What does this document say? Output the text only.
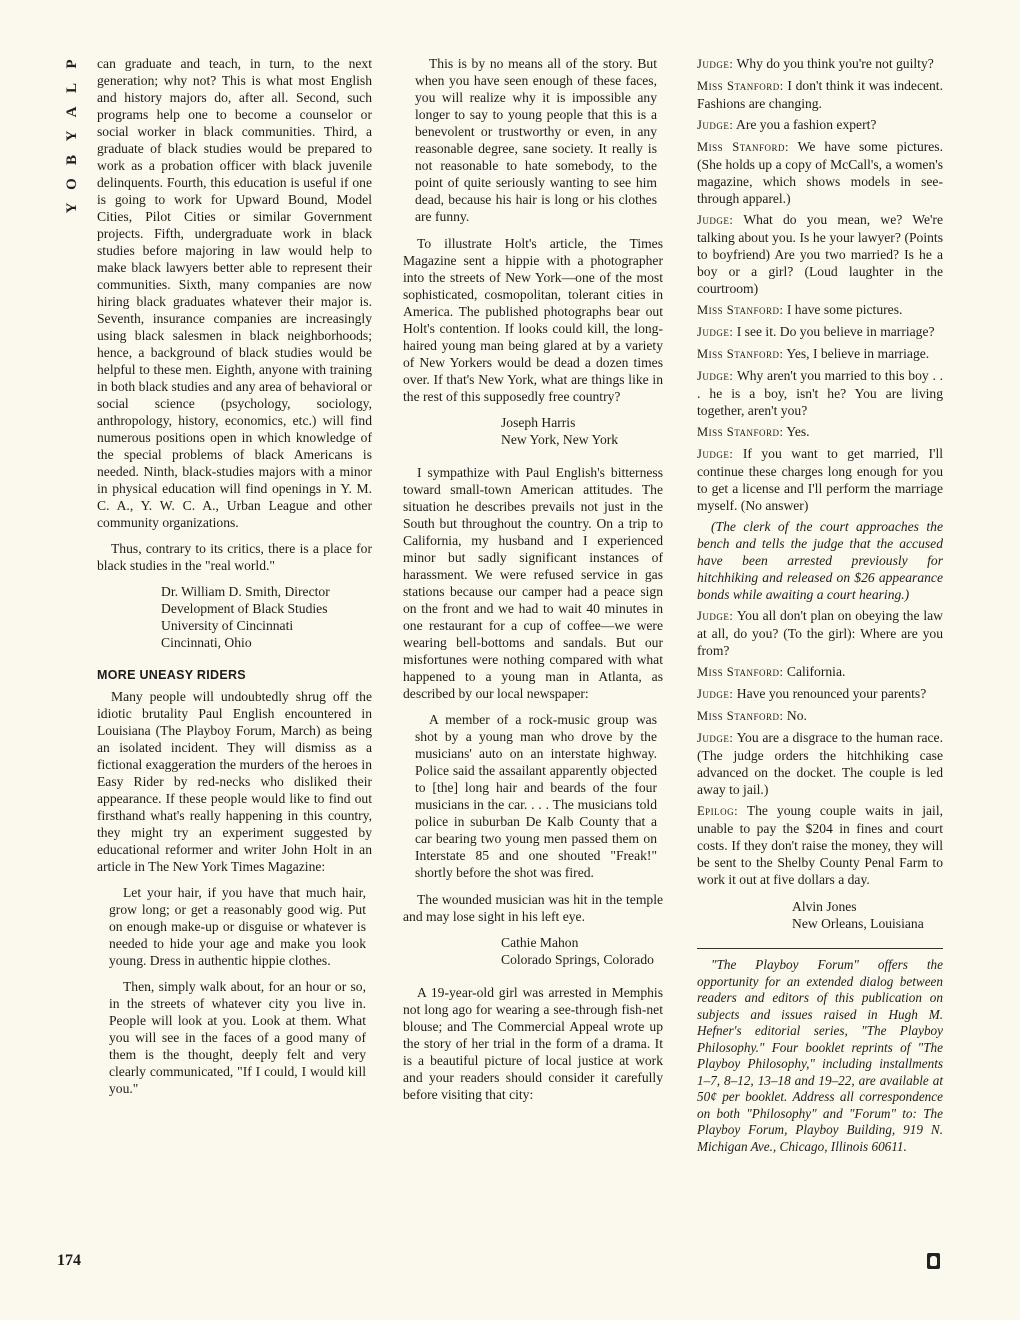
P
L
A
Y
B
O
Y

can graduate and teach, in turn, to the next generation; why not? This is what most English and history majors do, after all. Second, such programs help one to become a counselor or social worker in black communities. Third, a graduate of black studies would be prepared to work as a probation officer with black juvenile delinquents. Fourth, this education is useful if one is going to work for Upward Bound, Model Cities, Pilot Cities or similar Government projects. Fifth, undergraduate work in black studies before majoring in law would help to make black lawyers better able to represent their communities. Sixth, many companies are now hiring black graduates whatever their major is. Seventh, insurance companies are increasingly using black salesmen in black neighborhoods; hence, a background of black studies would be helpful to these men. Eighth, anyone with training in both black studies and any area of behavioral or social science (psychology, sociology, anthropology, history, economics, etc.) will find numerous positions open in which knowledge of the special problems of black Americans is needed. Ninth, black-studies majors with a minor in physical education will find openings in Y. M. C. A., Y. W. C. A., Urban League and other community organizations.

Thus, contrary to its critics, there is a place for black studies in the "real world."

Dr. William D. Smith, Director
Development of Black Studies
University of Cincinnati
Cincinnati, Ohio
MORE UNEASY RIDERS

Many people will undoubtedly shrug off the idiotic brutality Paul English encountered in Louisiana (The Playboy Forum, March) as being an isolated incident. They will dismiss as a fictional exaggeration the murders of the heroes in Easy Rider by red-necks who disliked their appearance. If these people would like to find out firsthand what's really happening in this country, they might try an experiment suggested by educational reformer and writer John Holt in an article in The New York Times Magazine:

Let your hair, if you have that much hair, grow long; or get a reasonably good wig. Put on enough make-up or disguise or whatever is needed to hide your age and make you look young. Dress in authentic hippie clothes.

Then, simply walk about, for an hour or so, in the streets of whatever city you live in. People will look at you. Look at them. What you will see in the faces of a good many of them is the thought, deeply felt and very clearly communicated, "If I could, I would kill you."

This is by no means all of the story. But when you have seen enough of these faces, you will realize why it is impossible any longer to say to young people that this is a benevolent or trustworthy or even, in any reasonable degree, sane society. It really is not reasonable to hate somebody, to the point of quite seriously wanting to see him dead, because his hair is long or his clothes are funny.

To illustrate Holt's article, the Times Magazine sent a hippie with a photographer into the streets of New York—one of the most sophisticated, cosmopolitan, tolerant cities in America. The published photographs bear out Holt's contention. If looks could kill, the long-haired young man being glared at by a variety of New Yorkers would be dead a dozen times over. If that's New York, what are things like in the rest of this supposedly free country?

Joseph Harris
New York, New York

I sympathize with Paul English's bitterness toward small-town American attitudes. The situation he describes prevails not just in the South but throughout the country. On a trip to California, my husband and I experienced minor but sadly significant instances of harassment. We were refused service in gas stations because our camper had a peace sign on the front and we had to wait 40 minutes in one restaurant for a cup of coffee—we were wearing bell-bottoms and sandals. But our misfortunes were nothing compared with what happened to a young man in Atlanta, as described by our local newspaper:

A member of a rock-music group was shot by a young man who drove by the musicians' auto on an interstate highway. Police said the assailant apparently objected to [the] long hair and beards of the four musicians in the car. . . . The musicians told police in suburban De Kalb County that a car bearing two young men passed them on Interstate 85 and one shouted "Freak!" shortly before the shot was fired.

The wounded musician was hit in the temple and may lose sight in his left eye.

Cathie Mahon
Colorado Springs, Colorado

A 19-year-old girl was arrested in Memphis not long ago for wearing a see-through fish-net blouse; and The Commercial Appeal wrote up the story of her trial in the form of a drama. It is a beautiful picture of local justice at work and your readers should consider it carefully before visiting that city:

Judge: Why do you think you're not guilty?

Miss Stanford: I don't think it was indecent. Fashions are changing.

Judge: Are you a fashion expert?

Miss Stanford: We have some pictures. (She holds up a copy of McCall's, a women's magazine, which shows models in see-through apparel.)

Judge: What do you mean, we? We're talking about you. Is he your lawyer? (Points to boyfriend) Are you two married? Is he a boy or a girl? (Loud laughter in the courtroom)

Miss Stanford: I have some pictures.

Judge: I see it. Do you believe in marriage?

Miss Stanford: Yes, I believe in marriage.

Judge: Why aren't you married to this boy . . . he is a boy, isn't he? You are living together, aren't you?

Miss Stanford: Yes.

Judge: If you want to get married, I'll continue these charges long enough for you to get a license and I'll perform the marriage myself. (No answer)

(The clerk of the court approaches the bench and tells the judge that the accused have been arrested previously for hitchhiking and released on $26 appearance bonds while awaiting a court hearing.)

Judge: You all don't plan on obeying the law at all, do you? (To the girl): Where are you from?

Miss Stanford: California.

Judge: Have you renounced your parents?

Miss Stanford: No.

Judge: You are a disgrace to the human race. (The judge orders the hitchhiking case advanced on the docket. The couple is led away to jail.)

Epilog: The young couple waits in jail, unable to pay the $204 in fines and court costs. If they don't raise the money, they will be sent to the Shelby County Penal Farm to work it out at five dollars a day.

Alvin Jones
New Orleans, Louisiana

"The Playboy Forum" offers the opportunity for an extended dialog between readers and editors of this publication on subjects and issues raised in Hugh M. Hefner's editorial series, "The Playboy Philosophy." Four booklet reprints of "The Playboy Philosophy," including installments 1–7, 8–12, 13–18 and 19–22, are available at 50¢ per booklet. Address all correspondence on both "Philosophy" and "Forum" to: The Playboy Forum, Playboy Building, 919 N. Michigan Ave., Chicago, Illinois 60611.

174
